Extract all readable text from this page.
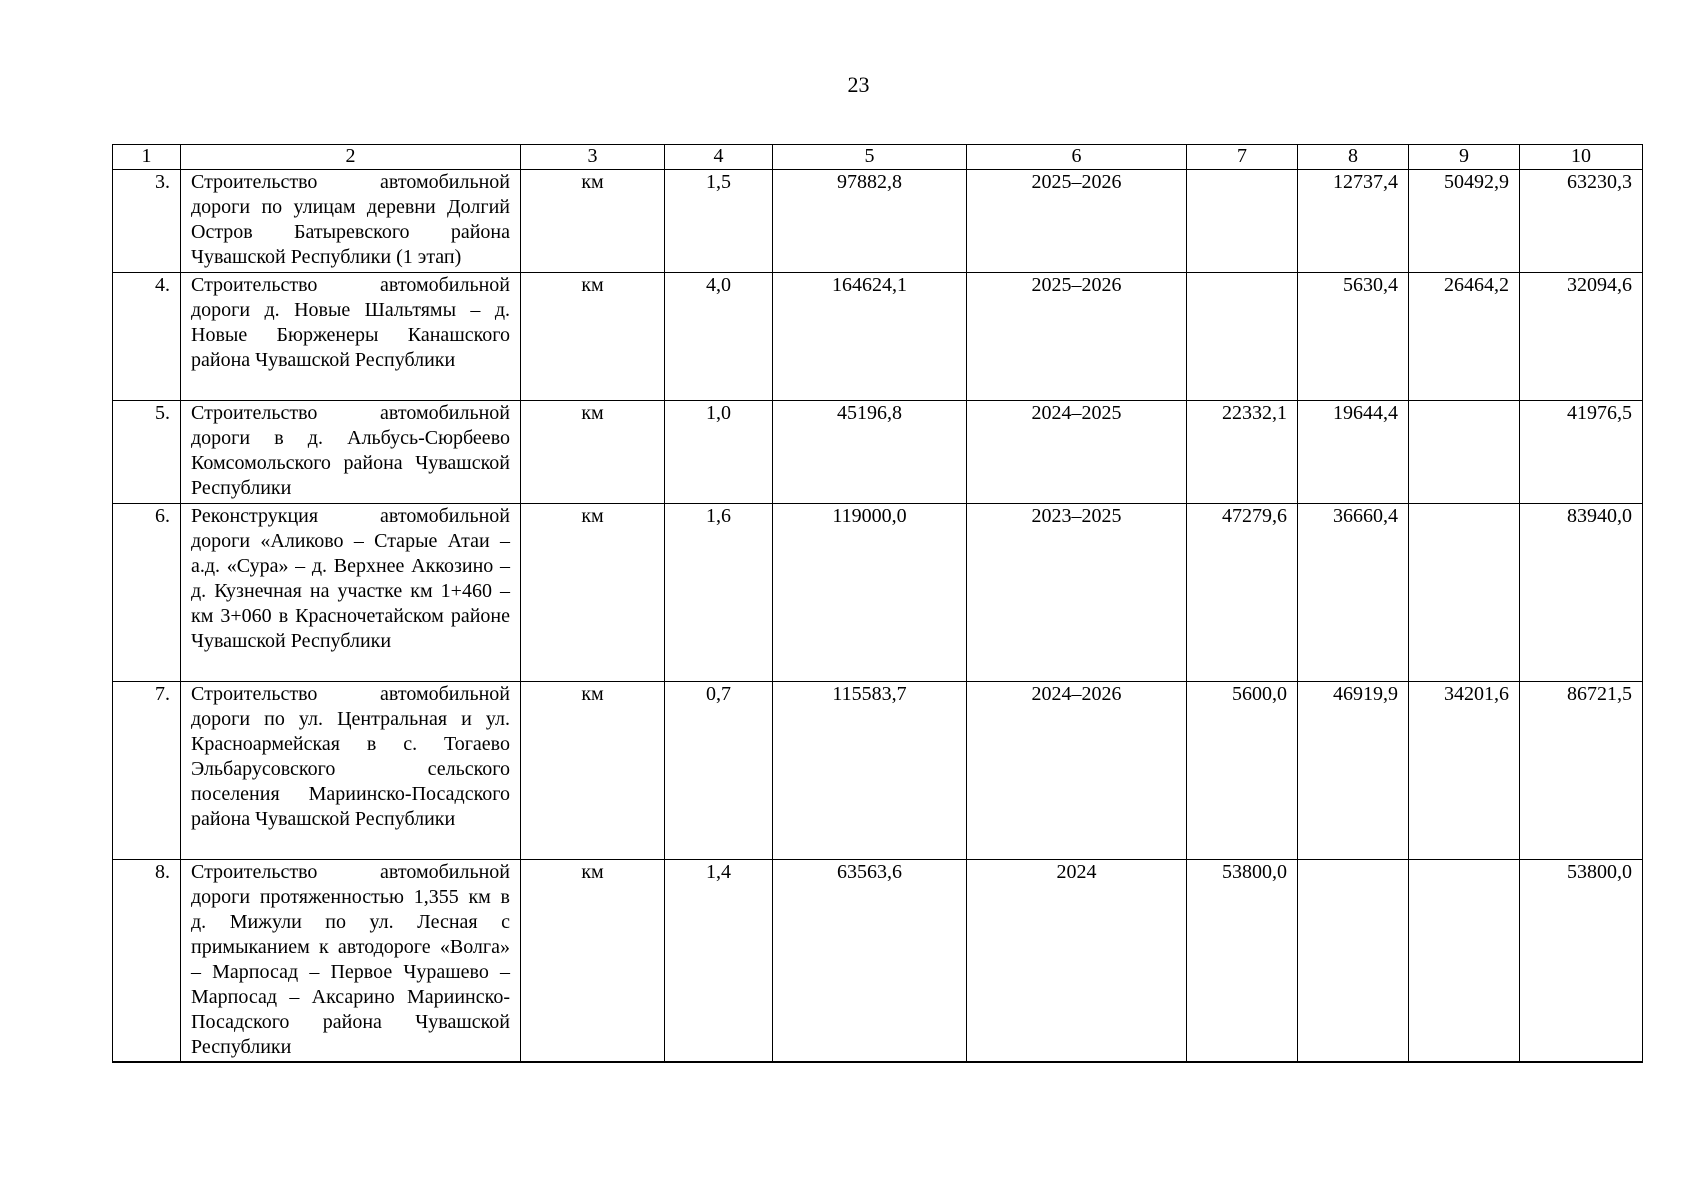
23
1	2	3	4	5	6	7	8	9	10
3.	Строительство автомобильной дороги по улицам деревни Долгий Остров Батыревского района Чувашской Республики (1 этап)	км	1,5	97882,8	2025–2026		12737,4	50492,9	63230,3
4.	Строительство автомобильной дороги д. Новые Шальтямы – д. Новые Бюрженеры Канашского района Чувашской Республики	км	4,0	164624,1	2025–2026		5630,4	26464,2	32094,6
5.	Строительство автомобильной дороги в д. Альбусь-Сюрбеево Комсомольского района Чувашской Республики	км	1,0	45196,8	2024–2025	22332,1	19644,4		41976,5
6.	Реконструкция автомобильной дороги «Аликово – Старые Атаи – а.д. «Сура» – д. Верхнее Аккозино – д. Кузнечная на участке км 1+460 – км 3+060 в Красночетайском районе Чувашской Республики	км	1,6	119000,0	2023–2025	47279,6	36660,4		83940,0
7.	Строительство автомобильной дороги по ул. Центральная и ул. Красноармейская в с. Тогаево Эльбарусовского сельского поселения Мариинско-Посадского района Чувашской Республики	км	0,7	115583,7	2024–2026	5600,0	46919,9	34201,6	86721,5
8.	Строительство автомобильной дороги протяженностью 1,355 км в д. Мижули по ул. Лесная с примыканием к автодороге «Волга» – Марпосад – Первое Чурашево – Марпосад – Аксарино Мариинско-Посадского района Чувашской Республики	км	1,4	63563,6	2024	53800,0			53800,0
